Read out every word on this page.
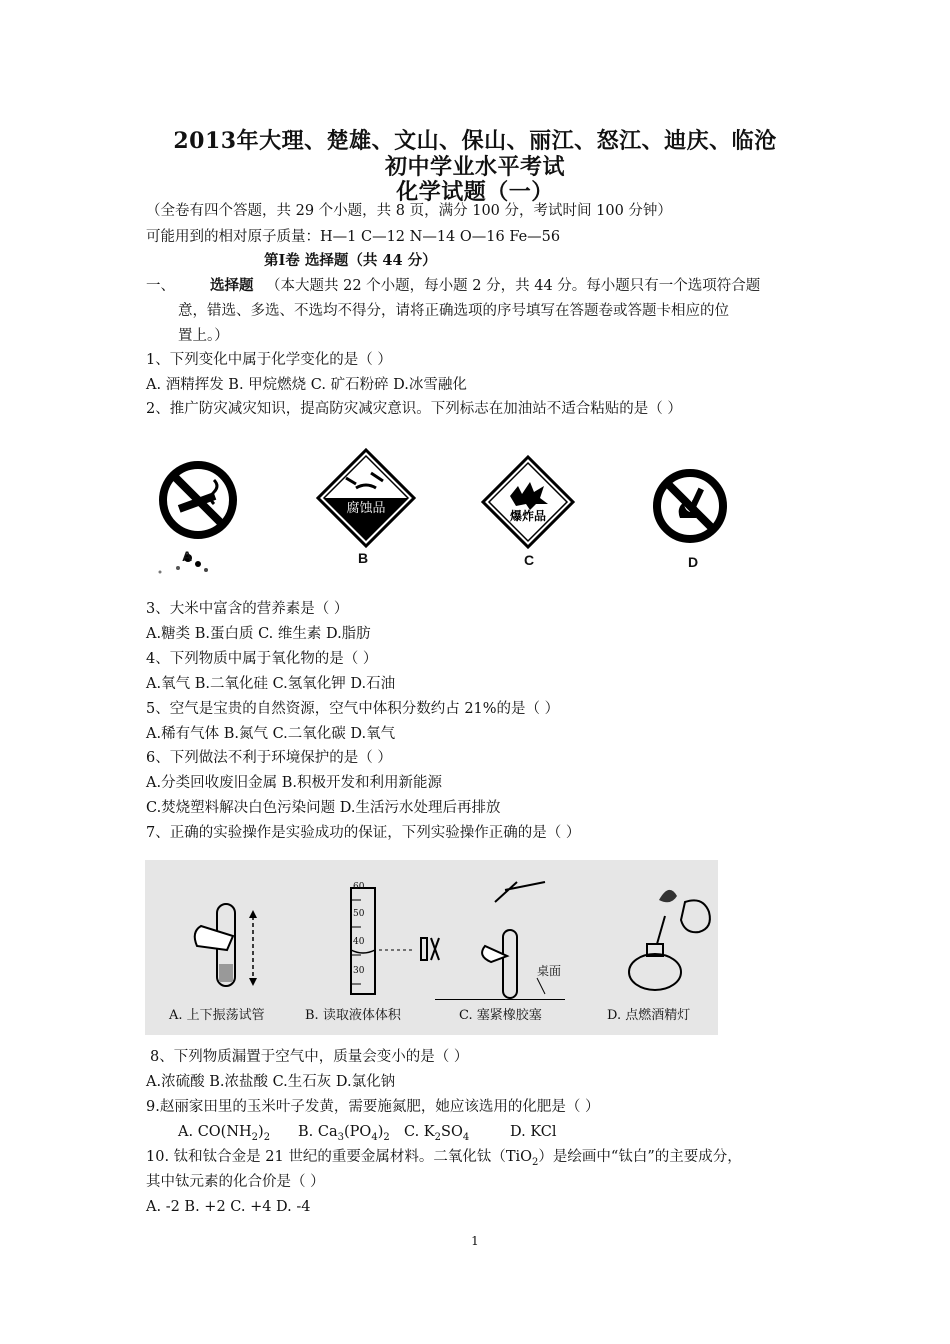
2013年大理、楚雄、文山、保山、丽江、怒江、迪庆、临沧
初中学业水平考试
化学试题（一）
（全卷有四个答题，共 29 个小题，共 8 页，满分 100 分，考试时间 100 分钟）
可能用到的相对原子质量：H—1 C—12 N—14 O—16 Fe—56
第Ⅰ卷 选择题（共 44 分）
一、 选择题 （本大题共 22 个小题，每小题 2 分，共 44 分。每小题只有一个选项符合题
意，错选、多选、不选均不得分，请将正确选项的序号填写在答题卷或答题卡相应的位
置上。）
1、下列变化中属于化学变化的是（ ）
A. 酒精挥发 B. 甲烷燃烧 C. 矿石粉碎 D.冰雪融化
2、推广防灾减灾知识，提高防灾减灾意识。下列标志在加油站不适合粘贴的是（ ）
A
腐蚀品
B
爆炸品
C	D
3、大米中富含的营养素是（ ）
A.糖类 B.蛋白质 C. 维生素 D.脂肪
4、下列物质中属于氧化物的是（ ）
A.氧气 B.二氧化硅 C.氢氧化钾 D.石油
5、空气是宝贵的自然资源，空气中体积分数约占 21%的是（ ）
A.稀有气体 B.氮气 C.二氧化碳 D.氧气
6、下列做法不利于环境保护的是（ ）
A.分类回收废旧金属 B.积极开发和利用新能源
C.焚烧塑料解决白色污染问题 D.生活污水处理后再排放
7、正确的实验操作是实验成功的保证，下列实验操作正确的是（ ）
60
50
40
30	桌面
A. 上下振荡试管	B. 读取液体体积	C. 塞紧橡胶塞	D. 点燃酒精灯
8、下列物质漏置于空气中，质量会变小的是（ ）
A.浓硫酸 B.浓盐酸 C.生石灰 D.氯化钠
9.赵丽家田里的玉米叶子发黄，需要施氮肥，她应该选用的化肥是（ ）
A. $CO(NH_2)_2$ B. $Ca_3(PO_4)_2$ C. $K_2SO_4$	D. KCl
10. 钛和钛合金是 21 世纪的重要金属材料。二氧化钛（TiO$_2$）是绘画中“钛白”的主要成分，
其中钛元素的化合价是（ ）
A. -2 B. +2 C. +4 D. -4
1
